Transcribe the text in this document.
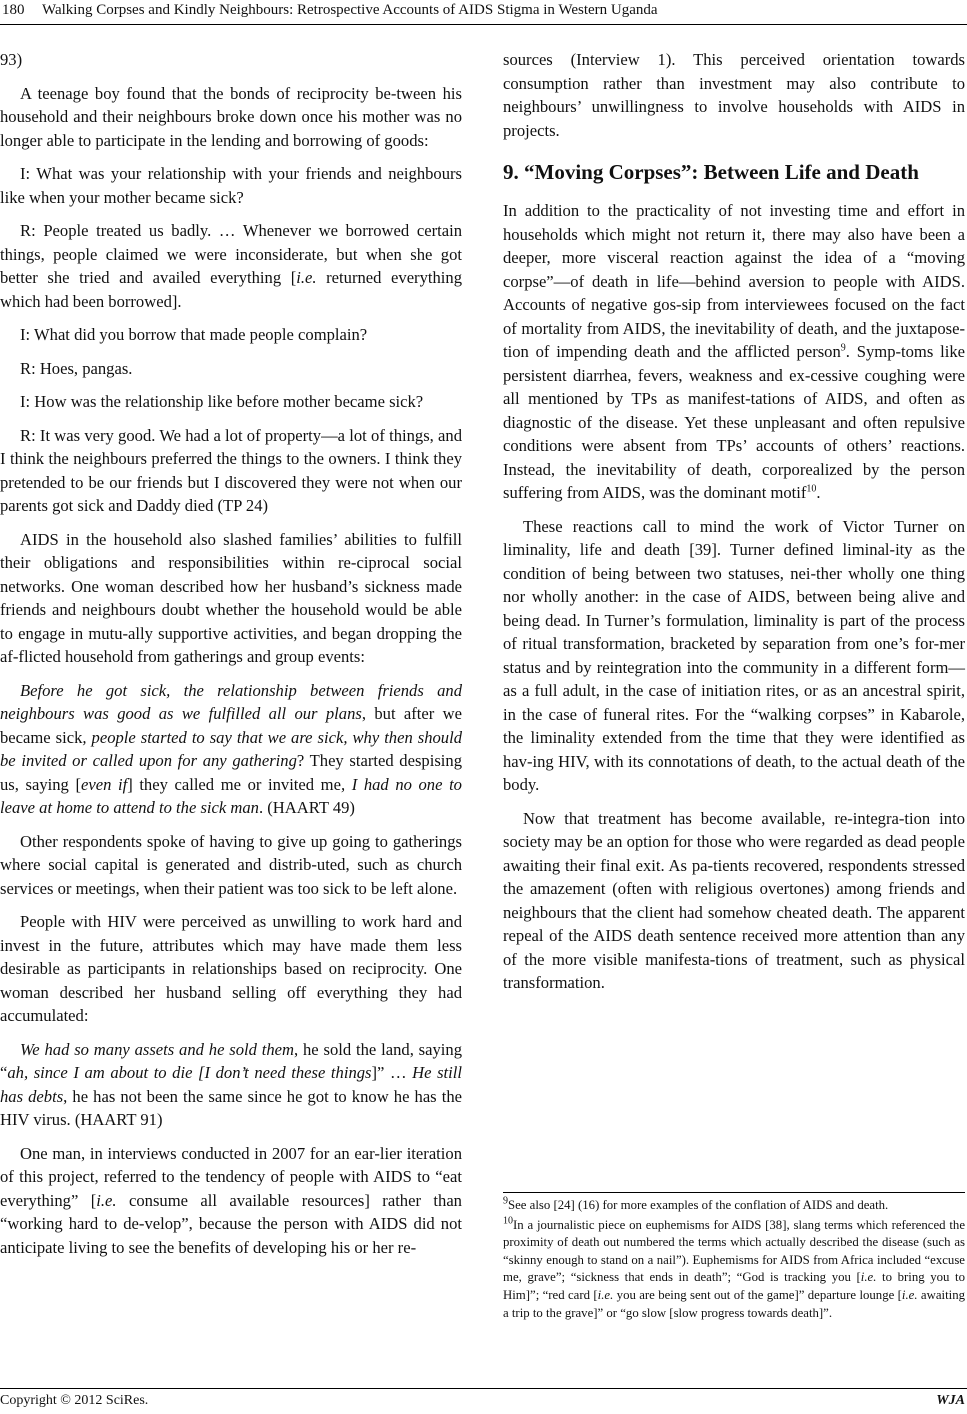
180 Walking Corpses and Kindly Neighbours: Retrospective Accounts of AIDS Stigma in Western Uganda

93)

A teenage boy found that the bonds of reciprocity be-tween his household and their neighbours broke down once his mother was no longer able to participate in the lending and borrowing of goods:

I: What was your relationship with your friends and neighbours like when your mother became sick?

R: People treated us badly. … Whenever we borrowed certain things, people claimed we were inconsiderate, but when she got better she tried and availed everything [i.e. returned everything which had been borrowed].

I: What did you borrow that made people complain?

R: Hoes, pangas.

I: How was the relationship like before mother became sick?

R: It was very good. We had a lot of property—a lot of things, and I think the neighbours preferred the things to the owners. I think they pretended to be our friends but I discovered they were not when our parents got sick and Daddy died (TP 24)

AIDS in the household also slashed families’ abilities to fulfill their obligations and responsibilities within re-ciprocal social networks. One woman described how her husband’s sickness made friends and neighbours doubt whether the household would be able to engage in mutu-ally supportive activities, and began dropping the af-flicted household from gatherings and group events:

Before he got sick, the relationship between friends and neighbours was good as we fulfilled all our plans, but after we became sick, people started to say that we are sick, why then should be invited or called upon for any gathering? They started despising us, saying [even if] they called me or invited me, I had no one to leave at home to attend to the sick man. (HAART 49)

Other respondents spoke of having to give up going to gatherings where social capital is generated and distrib-uted, such as church services or meetings, when their patient was too sick to be left alone.

People with HIV were perceived as unwilling to work hard and invest in the future, attributes which may have made them less desirable as participants in relationships based on reciprocity. One woman described her husband selling off everything they had accumulated:

We had so many assets and he sold them, he sold the land, saying “ah, since I am about to die [I don’t need these things]” … He still has debts, he has not been the same since he got to know he has the HIV virus. (HAART 91)

One man, in interviews conducted in 2007 for an ear-lier iteration of this project, referred to the tendency of people with AIDS to “eat everything” [i.e. consume all available resources] rather than “working hard to de-velop”, because the person with AIDS did not anticipate living to see the benefits of developing his or her re-

sources (Interview 1). This perceived orientation towards consumption rather than investment may also contribute to neighbours’ unwillingness to involve households with AIDS in projects.

9. “Moving Corpses”: Between Life and Death

In addition to the practicality of not investing time and effort in households which might not return it, there may also have been a deeper, more visceral reaction against the idea of a “moving corpse”—of death in life—behind aversion to people with AIDS. Accounts of negative gos-sip from interviewees focused on the fact of mortality from AIDS, the inevitability of death, and the juxtapose-tion of impending death and the afflicted person$^9$. Symp-toms like persistent diarrhea, fevers, weakness and ex-cessive coughing were all mentioned by TPs as manifest-tations of AIDS, and often as diagnostic of the disease. Yet these unpleasant and often repulsive conditions were absent from TPs’ accounts of others’ reactions. Instead, the inevitability of death, corporealized by the person suffering from AIDS, was the dominant motif$^{10}$.

These reactions call to mind the work of Victor Turner on liminality, life and death [39]. Turner defined liminal-ity as the condition of being between two statuses, nei-ther wholly one thing nor wholly another: in the case of AIDS, between being alive and being dead. In Turner’s formulation, liminality is part of the process of ritual transformation, bracketed by separation from one’s for-mer status and by reintegration into the community in a different form—as a full adult, in the case of initiation rites, or as an ancestral spirit, in the case of funeral rites. For the “walking corpses” in Kabarole, the liminality extended from the time that they were identified as hav-ing HIV, with its connotations of death, to the actual death of the body.

Now that treatment has become available, re-integra-tion into society may be an option for those who were regarded as dead people awaiting their final exit. As pa-tients recovered, respondents stressed the amazement (often with religious overtones) among friends and neighbours that the client had somehow cheated death. The apparent repeal of the AIDS death sentence received more attention than any of the more visible manifesta-tions of treatment, such as physical transformation.

$^9$See also [24] (16) for more examples of the conflation of AIDS and death.

$^{10}$In a journalistic piece on euphemisms for AIDS [38], slang terms which referenced the proximity of death out numbered the terms which actually described the disease (such as “skinny enough to stand on a nail”). Euphemisms for AIDS from Africa included “excuse me, grave”; “sickness that ends in death”; “God is tracking you [i.e. to bring you to Him]”; “red card [i.e. you are being sent out of the game]” departure lounge [i.e. awaiting a trip to the grave]” or “go slow [slow progress towards death]”.

Copyright © 2012 SciRes.	WJA
